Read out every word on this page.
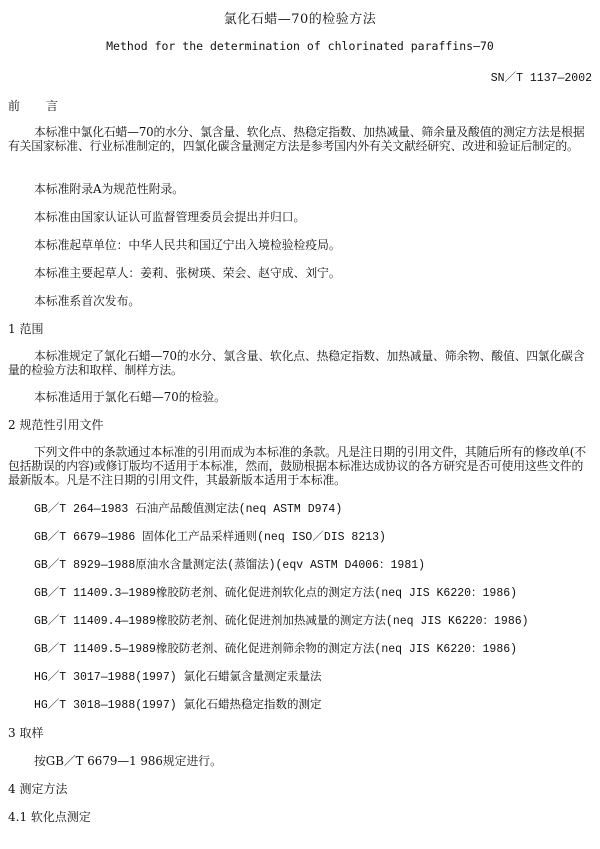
氯化石蜡—70的检验方法
Method for the determination of chlorinated paraffins—70
SN／T 1137—2002
前言
本标准中氯化石蜡—70的水分、氯含量、软化点、热稳定指数、加热减量、筛余量及酸值的测定方法是根据有关国家标准、行业标准制定的，四氯化碳含量测定方法是参考国内外有关文献经研究、改进和验证后制定的。
本标准附录A为规范性附录。
本标准由国家认证认可监督管理委员会提出并归口。
本标准起草单位：中华人民共和国辽宁出入境检验检疫局。
本标准主要起草人：姜莉、张树瑛、荣会、赵守成、刘宁。
本标准系首次发布。
1 范围
本标准规定了氯化石蜡—70的水分、氯含量、软化点、热稳定指数、加热减量、筛余物、酸值、四氯化碳含量的检验方法和取样、制样方法。
本标准适用于氯化石蜡—70的检验。
2 规范性引用文件
下列文件中的条款通过本标准的引用而成为本标准的条款。凡是注日期的引用文件，其随后所有的修改单(不包括勘误的内容)或修订版均不适用于本标准，然而，鼓励根据本标准达成协议的各方研究是否可使用这些文件的最新版本。凡是不注日期的引用文件，其最新版本适用于本标准。
GB／T 264—1983 石油产品酸值测定法(neq ASTM D974)
GB／T 6679—1986 固体化工产品采样通则(neq ISO／DIS 8213)
GB／T 8929—1988原油水含量测定法(蒸馏法)(eqv ASTM D4006：1981)
GB／T 11409.3—1989橡胶防老剂、硫化促进剂软化点的测定方法(neq JIS K6220：1986)
GB／T 11409.4—1989橡胶防老剂、硫化促进剂加热减量的测定方法(neq JIS K6220：1986)
GB／T 11409.5—1989橡胶防老剂、硫化促进剂筛余物的测定方法(neq JIS K6220：1986)
HG／T 3017—1988(1997) 氯化石蜡氯含量测定汞量法
HG／T 3018—1988(1997) 氯化石蜡热稳定指数的测定
3 取样
按GB／T 6679—1 986规定进行。
4 测定方法
4.1 软化点测定
